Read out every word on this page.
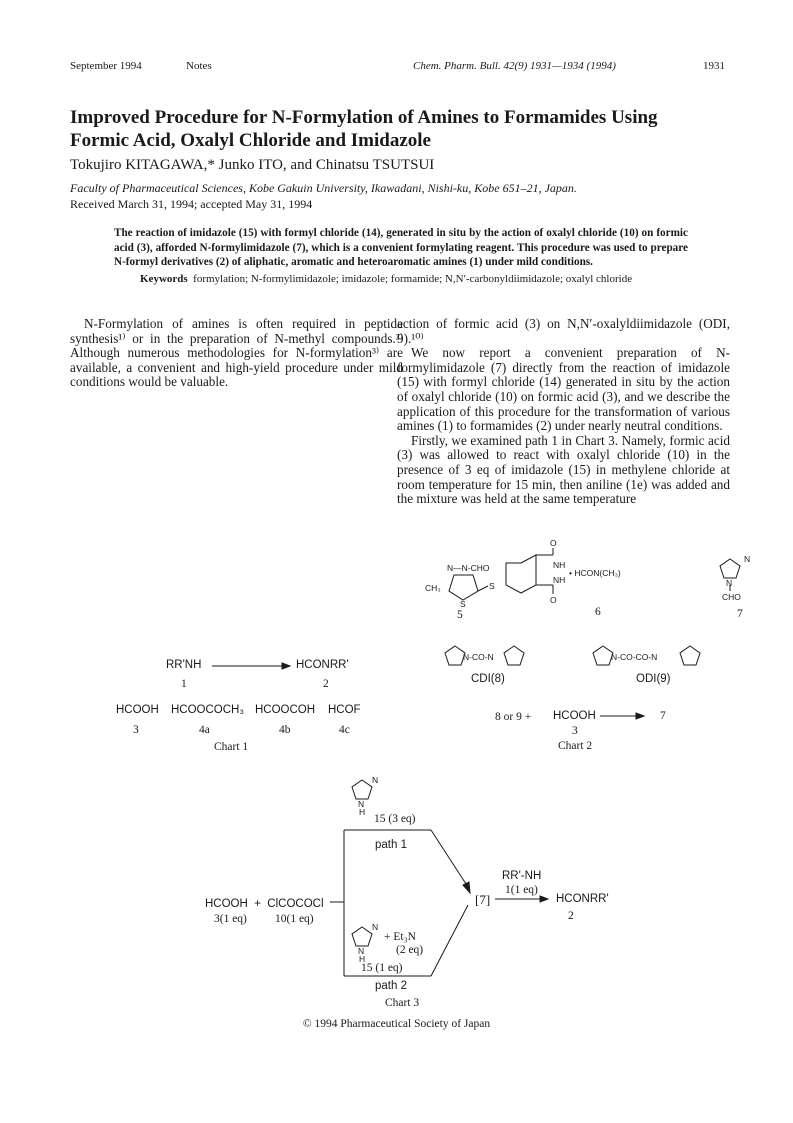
September 1994	Notes	Chem. Pharm. Bull. 42(9) 1931—1934 (1994)	1931
Improved Procedure for N-Formylation of Amines to Formamides Using Formic Acid, Oxalyl Chloride and Imidazole
Tokujiro KITAGAWA,* Junko ITO, and Chinatsu TSUTSUI
Faculty of Pharmaceutical Sciences, Kobe Gakuin University, Ikawadani, Nishi-ku, Kobe 651–21, Japan.
Received March 31, 1994; accepted May 31, 1994
The reaction of imidazole (15) with formyl chloride (14), generated in situ by the action of oxalyl chloride (10) on formic acid (3), afforded N-formylimidazole (7), which is a convenient formylating reagent. This procedure was used to prepare N-formyl derivatives (2) of aliphatic, aromatic and heteroaromatic amines (1) under mild conditions.
Keywords formylation; N-formylimidazole; imidazole; formamide; N,N′-carbonyldiimidazole; oxalyl chloride

N-Formylation of amines is often required in peptide synthesis¹⁾ or in the preparation of N-methyl compounds.²⁾ Although numerous methodologies for N-formylation³⁾ are available, a convenient and high-yield procedure under mild conditions would be valuable.

action of formic acid (3) on N,N′-oxalyldiimidazole (ODI, 9).¹⁰⁾

We now report a convenient preparation of N-formylimidazole (7) directly from the reaction of imidazole (15) with formyl chloride (14) generated in situ by the action of oxalyl chloride (10) on formic acid (3), and we describe the application of this procedure for the transformation of various amines (1) to formamides (2) under nearly neutral conditions.

Firstly, we examined path 1 in Chart 3. Namely, formic acid (3) was allowed to react with oxalyl chloride (10) in the presence of 3 eq of imidazole (15) in methylene chloride at room temperature for 15 min, then aniline (1e) was added and the mixture was held at the same temperature

RR'NH	HCONRR'
1	2
HCOOH HCOOCOCH₃ HCOOCOH HCOF
3	4a	4b	4c
Chart 1
N—N-CHO
CH₃
S
S
O
NH
NH
O
• HCON(CH₃)
N
N
CHO
5	6	7
N-CO-N	N-CO-CO-N
CDI(8)	ODI(9)
8 or 9 + HCOOH
3
7
Chart 2
N
N
H
15 (3 eq)
path 1
HCOOH  +  ClCOCOCl
3(1 eq) 10(1 eq)
[7]
RR'-NH
1(1 eq)
HCONRR'
2
N
N
H
+ Et₃N
(2 eq)
15 (1 eq)
path 2
Chart 3
© 1994 Pharmaceutical Society of Japan
